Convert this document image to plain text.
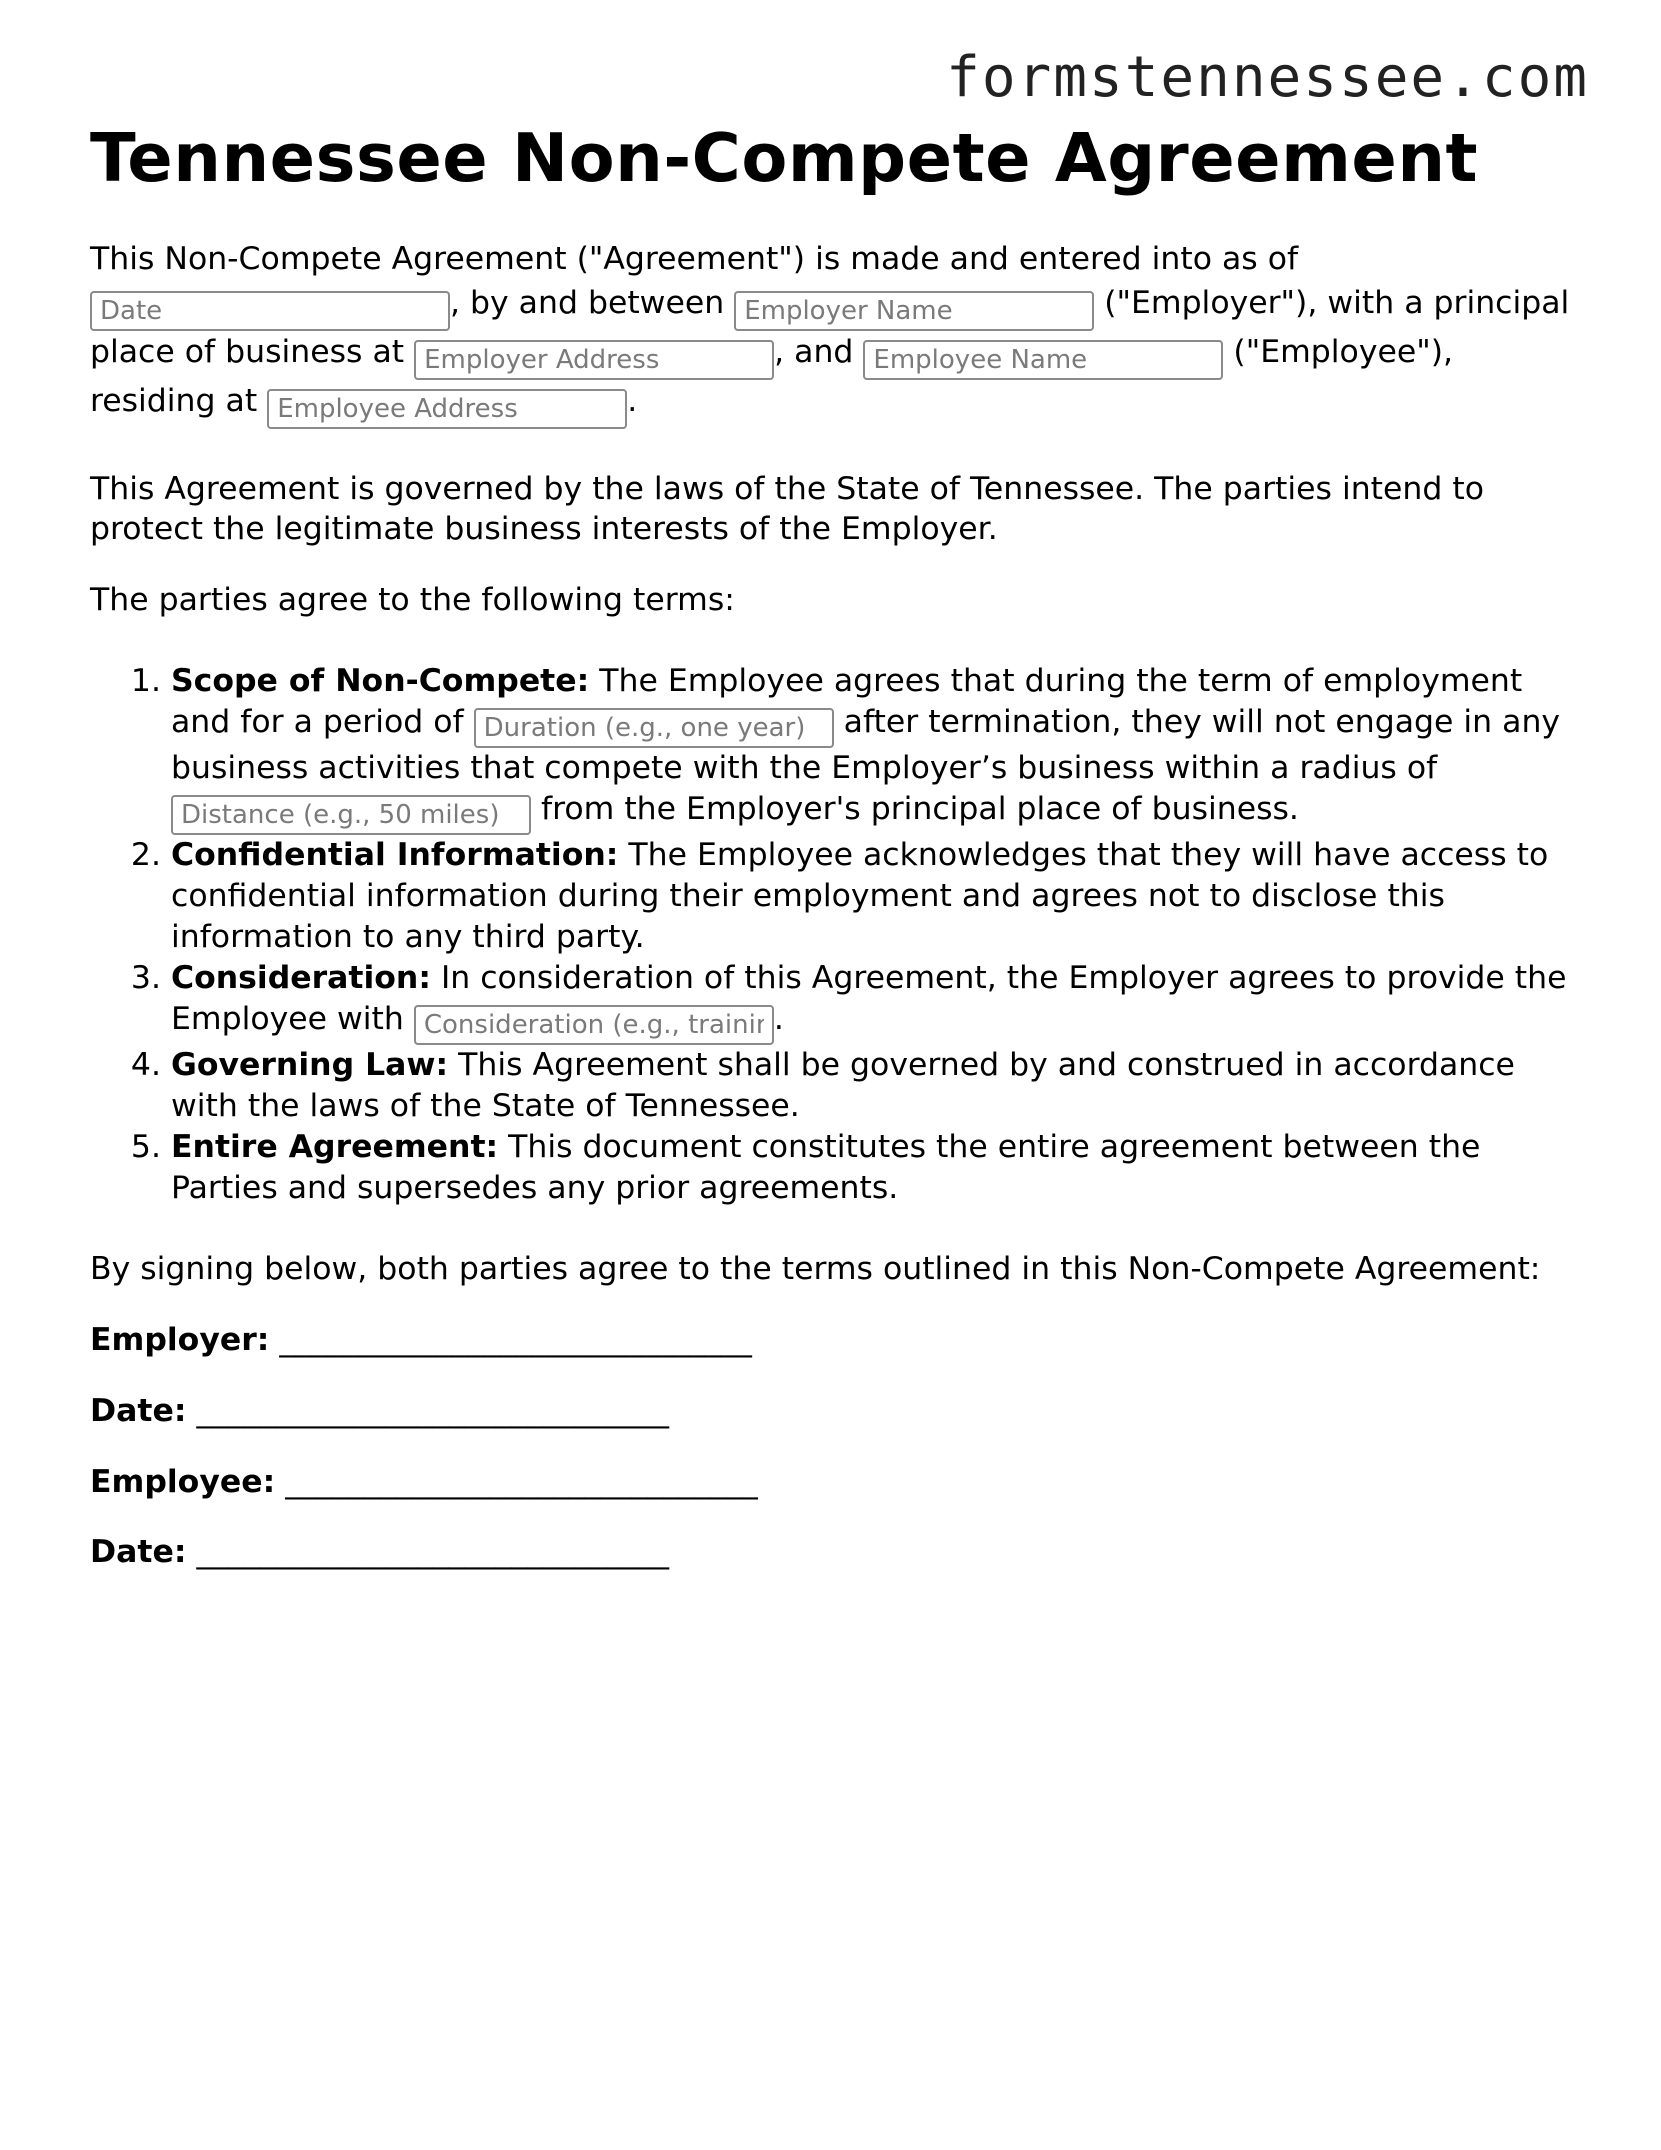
formstennessee.com
Tennessee Non-Compete Agreement

This Non-Compete Agreement ("Agreement") is made and entered into as of Date, by and between Employer Name	("Employer"), with a principal place of business at Employer Address	, and Employee Name	("Employee"), residing at Employee Address	.

This Agreement is governed by the laws of the State of Tennessee. The parties intend to protect the legitimate business interests of the Employer.

The parties agree to the following terms:

1. Scope of Non-Compete: The Employee agrees that during the term of employment and for a period of Duration (e.g., one year)	after termination, they will not engage in any business activities that compete with the Employer’s business within a radius of Distance (e.g., 50 miles) from the Employer's principal place of business.
2. Confidential Information: The Employee acknowledges that they will have access to confidential information during their employment and agrees not to disclose this information to any third party.
3. Consideration: In consideration of this Agreement, the Employer agrees to provide the Employee with Consideration (e.g., training)	.
4. Governing Law: This Agreement shall be governed by and construed in accordance with the laws of the State of Tennessee.
5. Entire Agreement: This document constitutes the entire agreement between the Parties and supersedes any prior agreements.

By signing below, both parties agree to the terms outlined in this Non-Compete Agreement:

Employer: ______________________________
Date: ______________________________
Employee: ______________________________
Date: ______________________________
